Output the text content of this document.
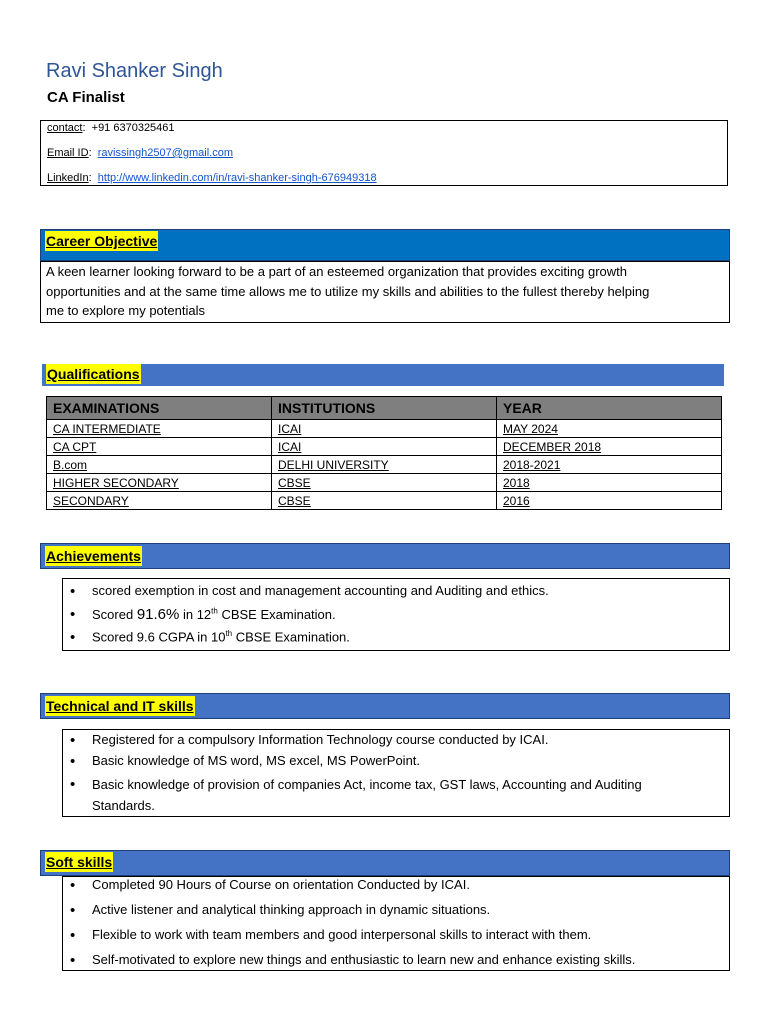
Ravi Shanker Singh
CA Finalist
contact:  +91 6370325461
Email ID:  ravissingh2507@gmail.com
LinkedIn:  http://www.linkedin.com/in/ravi-shanker-singh-676949318
Career Objective
A keen learner looking forward to be a part of an esteemed organization that provides exciting growth
opportunities and at the same time allows me to utilize my skills and abilities to the fullest thereby helping
me to explore my potentials
Qualifications
EXAMINATIONS	INSTITUTIONS	YEAR
CA INTERMEDIATE	ICAI	MAY 2024
CA CPT	ICAI	DECEMBER 2018
B.com	DELHI UNIVERSITY	2018-2021
HIGHER SECONDARY	CBSE	2018
SECONDARY	CBSE	2016
Achievements
• scored exemption in cost and management accounting and Auditing and ethics.
• Scored 91.6% in 12th CBSE Examination.
• Scored 9.6 CGPA in 10th CBSE Examination.
Technical and IT skills
• Registered for a compulsory Information Technology course conducted by ICAI.
• Basic knowledge of MS word, MS excel, MS PowerPoint.
• Basic knowledge of provision of companies Act, income tax, GST laws, Accounting and Auditing
Standards.
Soft skills
• Completed 90 Hours of Course on orientation Conducted by ICAI.
• Active listener and analytical thinking approach in dynamic situations.
• Flexible to work with team members and good interpersonal skills to interact with them.
• Self-motivated to explore new things and enthusiastic to learn new and enhance existing skills.
